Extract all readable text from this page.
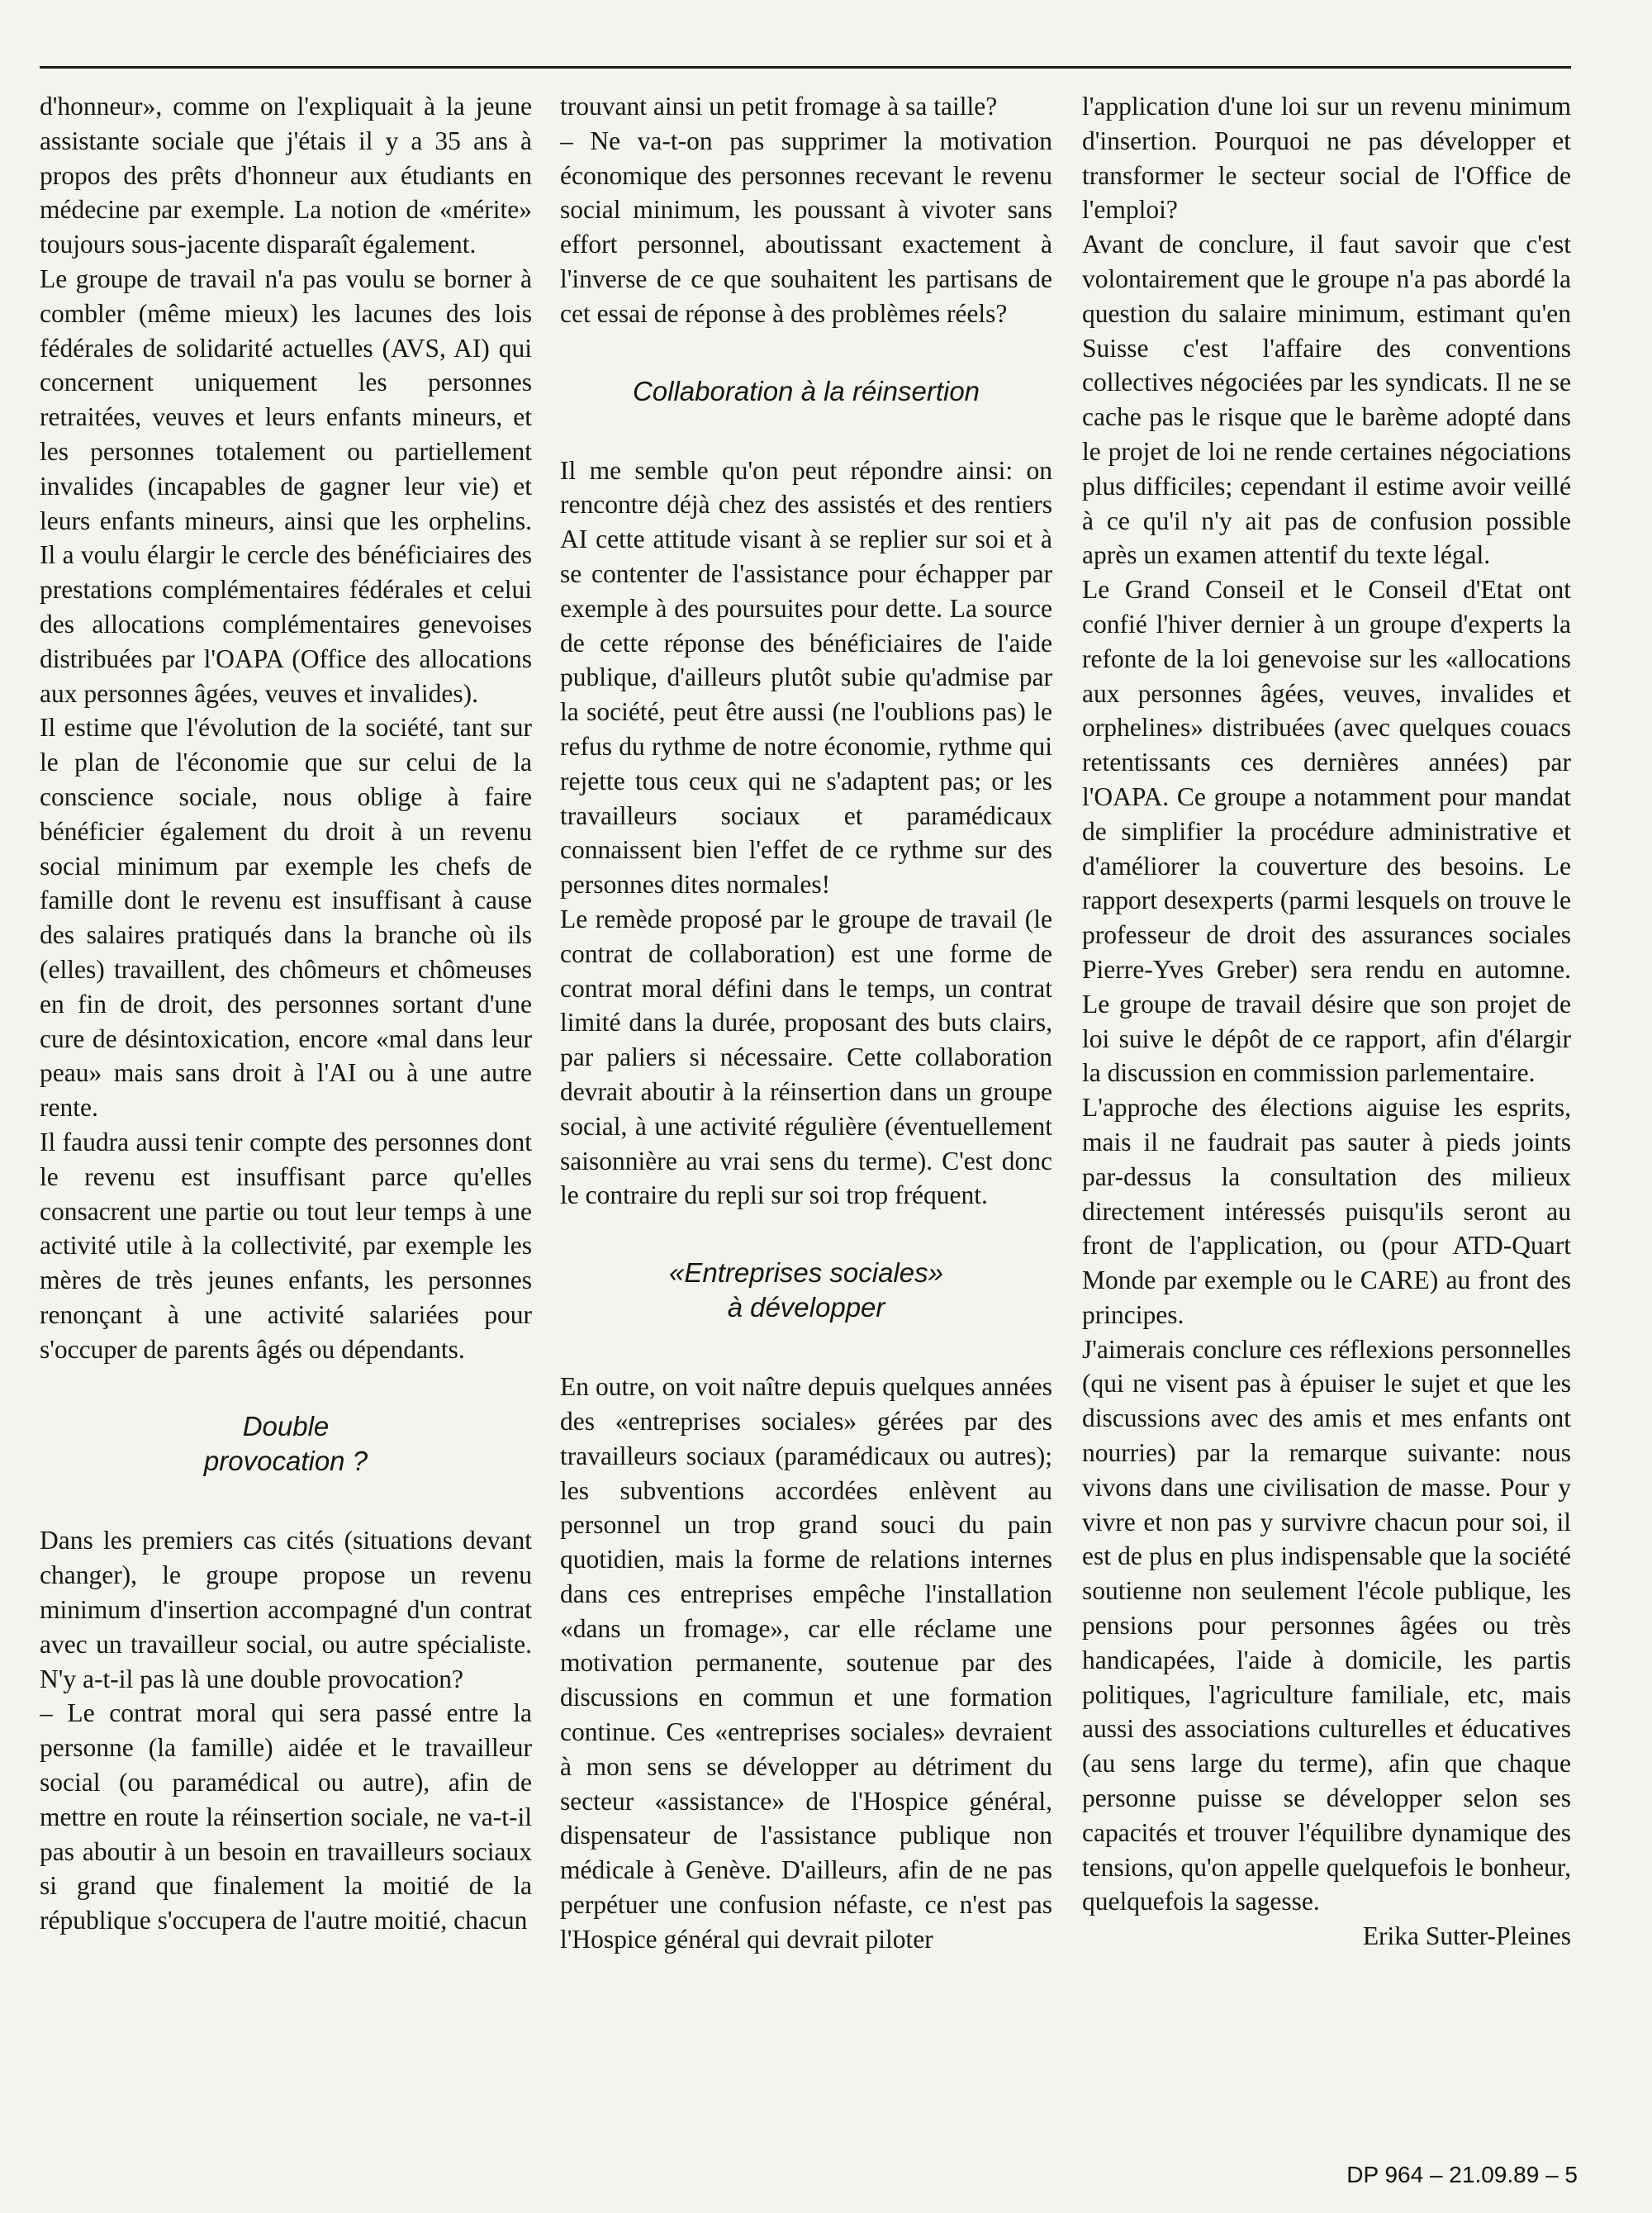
d'honneur», comme on l'expliquait à la jeune assistante sociale que j'étais il y a 35 ans à propos des prêts d'honneur aux étudiants en médecine par exemple. La notion de «mérite» toujours sous-jacente disparaît également.

Le groupe de travail n'a pas voulu se borner à combler (même mieux) les lacunes des lois fédérales de solidarité actuelles (AVS, AI) qui concernent uniquement les personnes retraitées, veuves et leurs enfants mineurs, et les personnes totalement ou partiellement invalides (incapables de gagner leur vie) et leurs enfants mineurs, ainsi que les orphelins. Il a voulu élargir le cercle des bénéficiaires des prestations complémentaires fédérales et celui des allocations complémentaires genevoises distribuées par l'OAPA (Office des allocations aux personnes âgées, veuves et invalides).

Il estime que l'évolution de la société, tant sur le plan de l'économie que sur celui de la conscience sociale, nous oblige à faire bénéficier également du droit à un revenu social minimum par exemple les chefs de famille dont le revenu est insuffisant à cause des salaires pratiqués dans la branche où ils (elles) travaillent, des chômeurs et chômeuses en fin de droit, des personnes sortant d'une cure de désintoxication, encore «mal dans leur peau» mais sans droit à l'AI ou à une autre rente.

Il faudra aussi tenir compte des personnes dont le revenu est insuffisant parce qu'elles consacrent une partie ou tout leur temps à une activité utile à la collectivité, par exemple les mères de très jeunes enfants, les personnes renonçant à une activité salariées pour s'occuper de parents âgés ou dépendants.

Double
provocation ?

Dans les premiers cas cités (situations devant changer), le groupe propose un revenu minimum d'insertion accompagné d'un contrat avec un travailleur social, ou autre spécialiste. N'y a-t-il pas là une double provocation?

– Le contrat moral qui sera passé entre la personne (la famille) aidée et le travailleur social (ou paramédical ou autre), afin de mettre en route la réinsertion sociale, ne va-t-il pas aboutir à un besoin en travailleurs sociaux si grand que finalement la moitié de la république s'occupera de l'autre moitié, chacun

trouvant ainsi un petit fromage à sa taille?

– Ne va-t-on pas supprimer la motivation économique des personnes recevant le revenu social minimum, les poussant à vivoter sans effort personnel, aboutissant exactement à l'inverse de ce que souhaitent les partisans de cet essai de réponse à des problèmes réels?

Collaboration à la réinsertion

Il me semble qu'on peut répondre ainsi: on rencontre déjà chez des assistés et des rentiers AI cette attitude visant à se replier sur soi et à se contenter de l'assistance pour échapper par exemple à des poursuites pour dette. La source de cette réponse des bénéficiaires de l'aide publique, d'ailleurs plutôt subie qu'admise par la société, peut être aussi (ne l'oublions pas) le refus du rythme de notre économie, rythme qui rejette tous ceux qui ne s'adaptent pas; or les travailleurs sociaux et paramédicaux connaissent bien l'effet de ce rythme sur des personnes dites normales!

Le remède proposé par le groupe de travail (le contrat de collaboration) est une forme de contrat moral défini dans le temps, un contrat limité dans la durée, proposant des buts clairs, par paliers si nécessaire. Cette collaboration devrait aboutir à la réinsertion dans un groupe social, à une activité régulière (éventuellement saisonnière au vrai sens du terme). C'est donc le contraire du repli sur soi trop fréquent.

«Entreprises sociales»
à développer

En outre, on voit naître depuis quelques années des «entreprises sociales» gérées par des travailleurs sociaux (paramédicaux ou autres); les subventions accordées enlèvent au personnel un trop grand souci du pain quotidien, mais la forme de relations internes dans ces entreprises empêche l'installation «dans un fromage», car elle réclame une motivation permanente, soutenue par des discussions en commun et une formation continue. Ces «entreprises sociales» devraient à mon sens se développer au détriment du secteur «assistance» de l'Hospice général, dispensateur de l'assistance publique non médicale à Genève. D'ailleurs, afin de ne pas perpétuer une confusion néfaste, ce n'est pas l'Hospice général qui devrait piloter

l'application d'une loi sur un revenu minimum d'insertion. Pourquoi ne pas développer et transformer le secteur social de l'Office de l'emploi?

Avant de conclure, il faut savoir que c'est volontairement que le groupe n'a pas abordé la question du salaire minimum, estimant qu'en Suisse c'est l'affaire des conventions collectives négociées par les syndicats. Il ne se cache pas le risque que le barème adopté dans le projet de loi ne rende certaines négociations plus difficiles; cependant il estime avoir veillé à ce qu'il n'y ait pas de confusion possible après un examen attentif du texte légal.

Le Grand Conseil et le Conseil d'Etat ont confié l'hiver dernier à un groupe d'experts la refonte de la loi genevoise sur les «allocations aux personnes âgées, veuves, invalides et orphelines» distribuées (avec quelques couacs retentissants ces dernières années) par l'OAPA. Ce groupe a notamment pour mandat de simplifier la procédure administrative et d'améliorer la couverture des besoins. Le rapport desexperts (parmi lesquels on trouve le professeur de droit des assurances sociales Pierre-Yves Greber) sera rendu en automne. Le groupe de travail désire que son projet de loi suive le dépôt de ce rapport, afin d'élargir la discussion en commission parlementaire.

L'approche des élections aiguise les esprits, mais il ne faudrait pas sauter à pieds joints par-dessus la consultation des milieux directement intéressés puisqu'ils seront au front de l'application, ou (pour ATD-Quart Monde par exemple ou le CARE) au front des principes.

J'aimerais conclure ces réflexions personnelles (qui ne visent pas à épuiser le sujet et que les discussions avec des amis et mes enfants ont nourries) par la remarque suivante: nous vivons dans une civilisation de masse. Pour y vivre et non pas y survivre chacun pour soi, il est de plus en plus indispensable que la société soutienne non seulement l'école publique, les pensions pour personnes âgées ou très handicapées, l'aide à domicile, les partis politiques, l'agriculture familiale, etc, mais aussi des associations culturelles et éducatives (au sens large du terme), afin que chaque personne puisse se développer selon ses capacités et trouver l'équilibre dynamique des tensions, qu'on appelle quelquefois le bonheur, quelquefois la sagesse.

Erika Sutter-Pleines

DP 964 – 21.09.89 – 5
